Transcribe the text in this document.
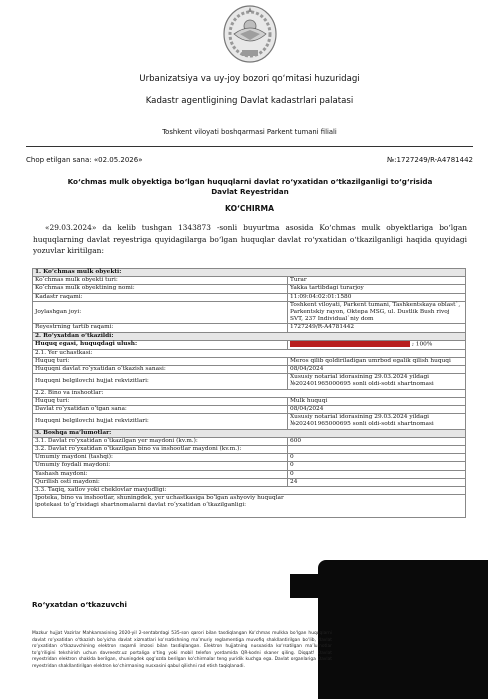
Urbanizatsiya va uy-joy bozori qo‘mitasi huzuridagi
Kadastr agentligining Davlat kadastrlari palatasi
Toshkent viloyati boshqarmasi Parkent tumani filiali
Chop etilgan sana: «02.05.2026»	№:1727249/R-A4781442
Ko‘chmas mulk obyektiga bo‘lgan huquqlarni davlat ro‘yxatidan o‘tkazilganligi to‘g‘risida Davlat Reyestridan
KO‘CHIRMA
«29.03.2024» da kelib tushgan 1343873 -sonli buyurtma asosida Ko‘chmas mulk obyektlariga bo‘lgan huquqlarning davlat reyestriga quyidagilarga bo‘lgan huquqlar davlat ro‘yxatidan o‘tkazilganligi haqida quyidagi yozuvlar kiritilgan:
1. Ko‘chmas mulk obyekti:	
Ko‘chmas mulk obyekti turi:	Turar
Ko‘chmas mulk obyektining nomi:	Yakka tartibdagi turarjoy
Kadastr raqami:	11:09:04:02:01:1580
Joylashgan joyi:	Toshkent viloyati, Parkent tumani, Tashkentskaya oblast`, Parkentskiy rayon, Oktepa MSG, ul. Dustlik Bush rivoj SVT, 237 Individual`niy dom
Reyestrning tartib raqami:	1727249/R-A4781442
2. Ro‘yxatdan o‘tkazildi:	
Huquq egasi, huquqdagi ulush:	; 100%
2.1. Yer uchastkasi:	
Huquq turi:	Meros qilib qoldiriladigan umrbod egalik qilish huquqi
Huquqni davlat ro‘yxatidan o‘tkazish sanasi:	08/04/2024
Huquqni belgilovchi hujjat rekvizitlari:	Xususiy notarial idorasining 29.03.2024 yildagi №202401965000695 sonli oldi-sotdi shartnomasi
2.2. Bino va inshootlar:	
Huquq turi:	Mulk huquqi
Davlat ro‘yxatidan o‘tgan sana:	08/04/2024
Huquqni belgilovchi hujjat rekvizitlari:	Xususiy notarial idorasining 29.03.2024 yildagi №202401965000695 sonli oldi-sotdi shartnomasi
3. Boshqa ma’lumotlar:	
3.1. Davlat ro‘yxatidan o‘tkazilgan yer maydoni (kv.m.):	600
3.2. Davlat ro‘yxatidan o‘tkazilgan bino va inshootlar maydoni (kv.m.):	
Umumiy maydoni (tashqi):	0
Umumiy foydali maydoni:	0
Yashash maydoni:	0
Qurilish osti maydoni:	24
3.3. Taqiq, xatlov yoki cheklovlar mavjudligi:	

Ipoteka, bino va inshootlar, shuningdek, yer uchastkasiga bo‘lgan ashyoviy huquqlar ipotekasi to‘g‘risidagi shartnomalarni davlat ro‘yxatidan o‘tkazilganligi:	
Ro‘yxatdan o‘tkazuvchi
Mazkur hujjat Vazirlar Mahkamasining 2020-yil 2-sentabrdagi 535-son qarori bilan tasdiqlangan Ko‘chmas mulkka bo‘lgan huquqlarni davlat ro‘yxatidan o‘tkazish bo‘yicha davlat xizmatlari ko‘rsatishning ma’muriy reglamentiga muvofiq shakllantirilgan bo‘lib, davlat ro‘yxatidan o‘tkazuvchining elektron raqamli imzosi bilan tasdiqlangan. Elektron hujjatning nusxasida ko‘rsatilgan ma’lumotlar to‘g‘riligini tekshirish uchun davreestr.uz portaliga o‘ting yoki mobil telefon yordamida QR-kodni skaner qiling. Diqqat! Davlat reyestridan elektron shaklda berilgan, shuningdek qog‘ozda berilgan ko‘chirmalar teng yuridik kuchga ega. Davlat organlariga Davlat reyestridan shakllantirilgan elektron ko‘chirmaning nusxasini qabul qilishni rad etish taqiqlanadi.
